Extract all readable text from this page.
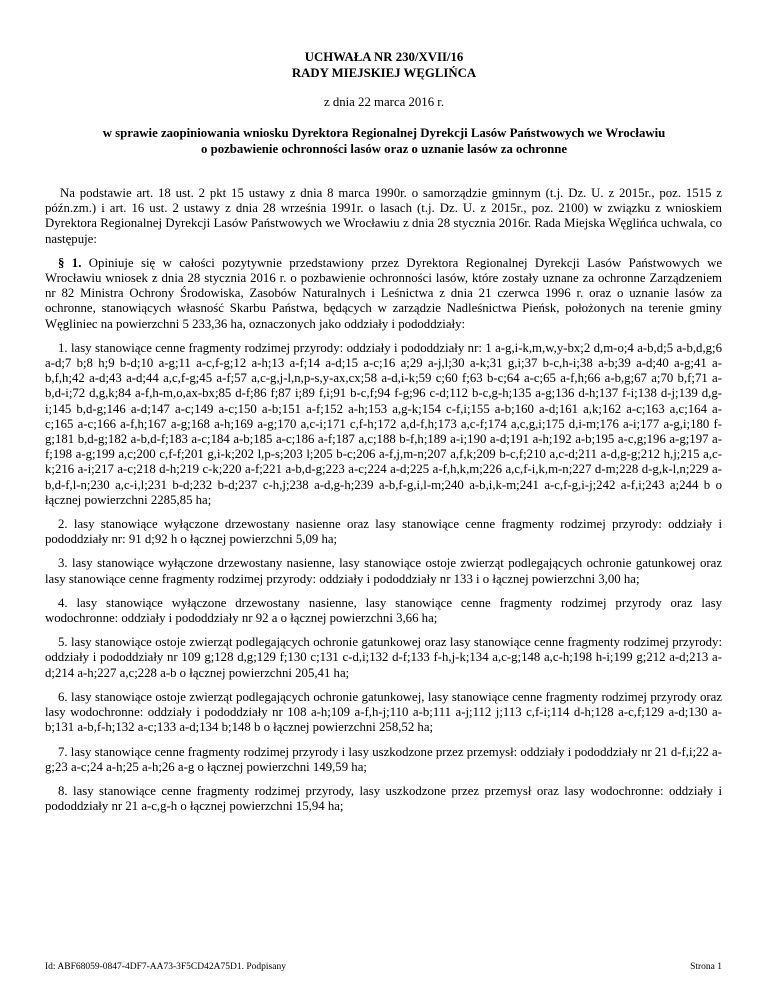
UCHWAŁA NR 230/XVII/16
RADY MIEJSKIEJ WĘGLIŃCA
z dnia 22 marca 2016 r.
w sprawie zaopiniowania wniosku Dyrektora Regionalnej Dyrekcji Lasów Państwowych we Wrocławiu
o pozbawienie ochronności lasów oraz o uznanie lasów za ochronne

Na podstawie art. 18 ust. 2 pkt 15 ustawy z dnia 8 marca 1990r. o samorządzie gminnym (t.j. Dz. U. z 2015r., poz. 1515 z późn.zm.) i art. 16 ust. 2 ustawy z dnia 28 września 1991r. o lasach (t.j. Dz. U. z 2015r., poz. 2100) w związku z wnioskiem Dyrektora Regionalnej Dyrekcji Lasów Państwowych we Wrocławiu z dnia 28 stycznia 2016r. Rada Miejska Węglińca uchwala, co następuje:

§ 1. Opiniuje się w całości pozytywnie przedstawiony przez Dyrektora Regionalnej Dyrekcji Lasów Państwowych we Wrocławiu wniosek z dnia 28 stycznia 2016 r. o pozbawienie ochronności lasów, które zostały uznane za ochronne Zarządzeniem nr 82 Ministra Ochrony Środowiska, Zasobów Naturalnych i Leśnictwa z dnia 21 czerwca 1996 r. oraz o uznanie lasów za ochronne, stanowiących własność Skarbu Państwa, będących w zarządzie Nadleśnictwa Pieńsk, położonych na terenie gminy Węgliniec na powierzchni 5 233,36 ha, oznaczonych jako oddziały i pododdziały:

1. lasy stanowiące cenne fragmenty rodzimej przyrody: oddziały i pododdziały nr: 1 a-g,i-k,m,w,y-bx;2 d,m-o;4 a-b,d;5 a-b,d,g;6 a-d;7 b;8 h;9 b-d;10 a-g;11 a-c,f-g;12 a-h;13 a-f;14 a-d;15 a-c;16 a;29 a-j,l;30 a-k;31 g,i;37 b-c,h-i;38 a-b;39 a-d;40 a-g;41 a-b,f,h;42 a-d;43 a-d;44 a,c,f-g;45 a-f;57 a,c-g,j-l,n,p-s,y-ax,cx;58 a-d,i-k;59 c;60 f;63 b-c;64 a-c;65 a-f,h;66 a-b,g;67 a;70 b,f;71 a-b,d-i;72 d,g,k;84 a-f,h-m,o,ax-bx;85 d-f;86 f;87 i;89 f,i;91 b-c,f;94 f-g;96 c-d;112 b-c,g-h;135 a-g;136 d-h;137 f-i;138 d-j;139 d,g-i;145 b,d-g;146 a-d;147 a-c;149 a-c;150 a-b;151 a-f;152 a-h;153 a,g-k;154 c-f,i;155 a-b;160 a-d;161 a,k;162 a-c;163 a,c;164 a-c;165 a-c;166 a-f,h;167 a-g;168 a-h;169 a-g;170 a,c-i;171 c,f-h;172 a,d-f,h;173 a,c-f;174 a,c,g,i;175 d,i-m;176 a-i;177 a-g,i;180 f-g;181 b,d-g;182 a-b,d-f;183 a-c;184 a-b;185 a-c;186 a-f;187 a,c;188 b-f,h;189 a-i;190 a-d;191 a-h;192 a-b;195 a-c,g;196 a-g;197 a-f;198 a-g;199 a,c;200 c,f-f;201 g,i-k;202 l,p-s;203 l;205 b-c;206 a-f,j,m-n;207 a,f,k;209 b-c,f;210 a,c-d;211 a-d,g-g;212 h,j;215 a,c-k;216 a-i;217 a-c;218 d-h;219 c-k;220 a-f;221 a-b,d-g;223 a-c;224 a-d;225 a-f,h,k,m;226 a,c,f-i,k,m-n;227 d-m;228 d-g,k-l,n;229 a-b,d-f,l-n;230 a,c-i,l;231 b-d;232 b-d;237 c-h,j;238 a-d,g-h;239 a-b,f-g,i,l-m;240 a-b,i,k-m;241 a-c,f-g,i-j;242 a-f,i;243 a;244 b o łącznej powierzchni 2285,85 ha;

2. lasy stanowiące wyłączone drzewostany nasienne oraz lasy stanowiące cenne fragmenty rodzimej przyrody: oddziały i pododdziały nr: 91 d;92 h o łącznej powierzchni 5,09 ha;

3. lasy stanowiące wyłączone drzewostany nasienne, lasy stanowiące ostoje zwierząt podlegających ochronie gatunkowej oraz lasy stanowiące cenne fragmenty rodzimej przyrody: oddziały i pododdziały nr 133 i o łącznej powierzchni 3,00 ha;

4. lasy stanowiące wyłączone drzewostany nasienne, lasy stanowiące cenne fragmenty rodzimej przyrody oraz lasy wodochronne: oddziały i pododdziały nr 92 a o łącznej powierzchni 3,66 ha;

5. lasy stanowiące ostoje zwierząt podlegających ochronie gatunkowej oraz lasy stanowiące cenne fragmenty rodzimej przyrody: oddziały i pododdziały nr 109 g;128 d,g;129 f;130 c;131 c-d,i;132 d-f;133 f-h,j-k;134 a,c-g;148 a,c-h;198 h-i;199 g;212 a-d;213 a-d;214 a-h;227 a,c;228 a-b o łącznej powierzchni 205,41 ha;

6. lasy stanowiące ostoje zwierząt podlegających ochronie gatunkowej, lasy stanowiące cenne fragmenty rodzimej przyrody oraz lasy wodochronne: oddziały i pododdziały nr 108 a-h;109 a-f,h-j;110 a-b;111 a-j;112 j;113 c,f-i;114 d-h;128 a-c,f;129 a-d;130 a-b;131 a-b,f-h;132 a-c;133 a-d;134 b;148 b o łącznej powierzchni 258,52 ha;

7. lasy stanowiące cenne fragmenty rodzimej przyrody i lasy uszkodzone przez przemysł: oddziały i pododdziały nr 21 d-f,i;22 a-g;23 a-c;24 a-h;25 a-h;26 a-g o łącznej powierzchni 149,59 ha;

8. lasy stanowiące cenne fragmenty rodzimej przyrody, lasy uszkodzone przez przemysł oraz lasy wodochronne: oddziały i pododdziały nr 21 a-c,g-h o łącznej powierzchni 15,94 ha;

Id: ABF68059-0847-4DF7-AA73-3F5CD42A75D1. Podpisany	Strona 1
